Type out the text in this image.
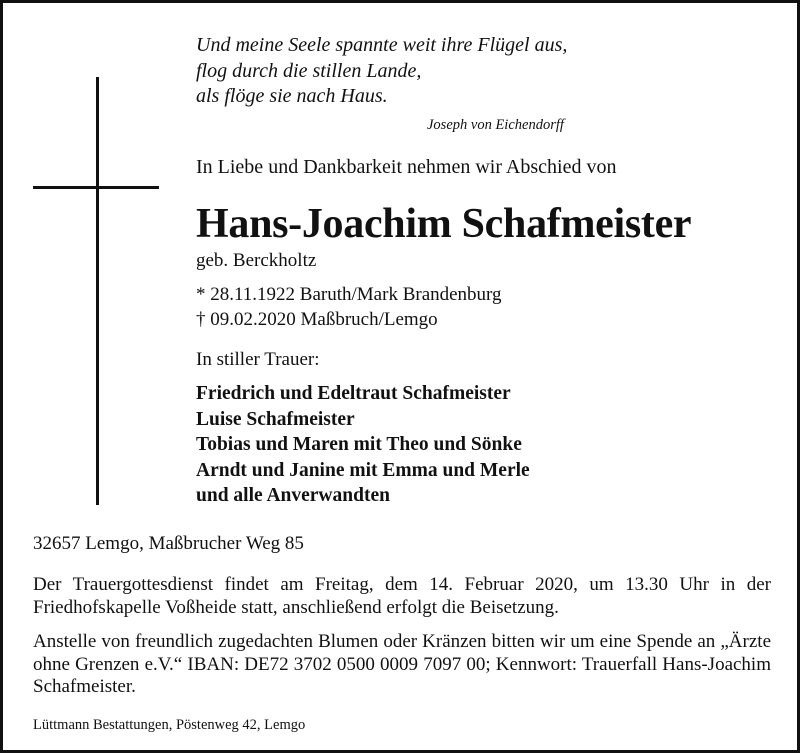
Und meine Seele spannte weit ihre Flügel aus,
flog durch die stillen Lande,
als flöge sie nach Haus.
Joseph von Eichendorff
In Liebe und Dankbarkeit nehmen wir Abschied von
Hans-Joachim Schafmeister
geb. Berckholtz
* 28.11.1922 Baruth/Mark Brandenburg
† 09.02.2020 Maßbruch/Lemgo
In stiller Trauer:
Friedrich und Edeltraut Schafmeister
Luise Schafmeister
Tobias und Maren mit Theo und Sönke
Arndt und Janine mit Emma und Merle
und alle Anverwandten
32657 Lemgo, Maßbrucher Weg 85
Der Trauergottesdienst findet am Freitag, dem 14. Februar 2020, um 13.30 Uhr in der Friedhofskapelle Voßheide statt, anschließend erfolgt die Beisetzung.
Anstelle von freundlich zugedachten Blumen oder Kränzen bitten wir um eine Spende an „Ärzte ohne Grenzen e.V.“ IBAN: DE72 3702 0500 0009 7097 00; Kennwort: Trauerfall Hans-Joachim Schafmeister.
Lüttmann Bestattungen, Pöstenweg 42, Lemgo
